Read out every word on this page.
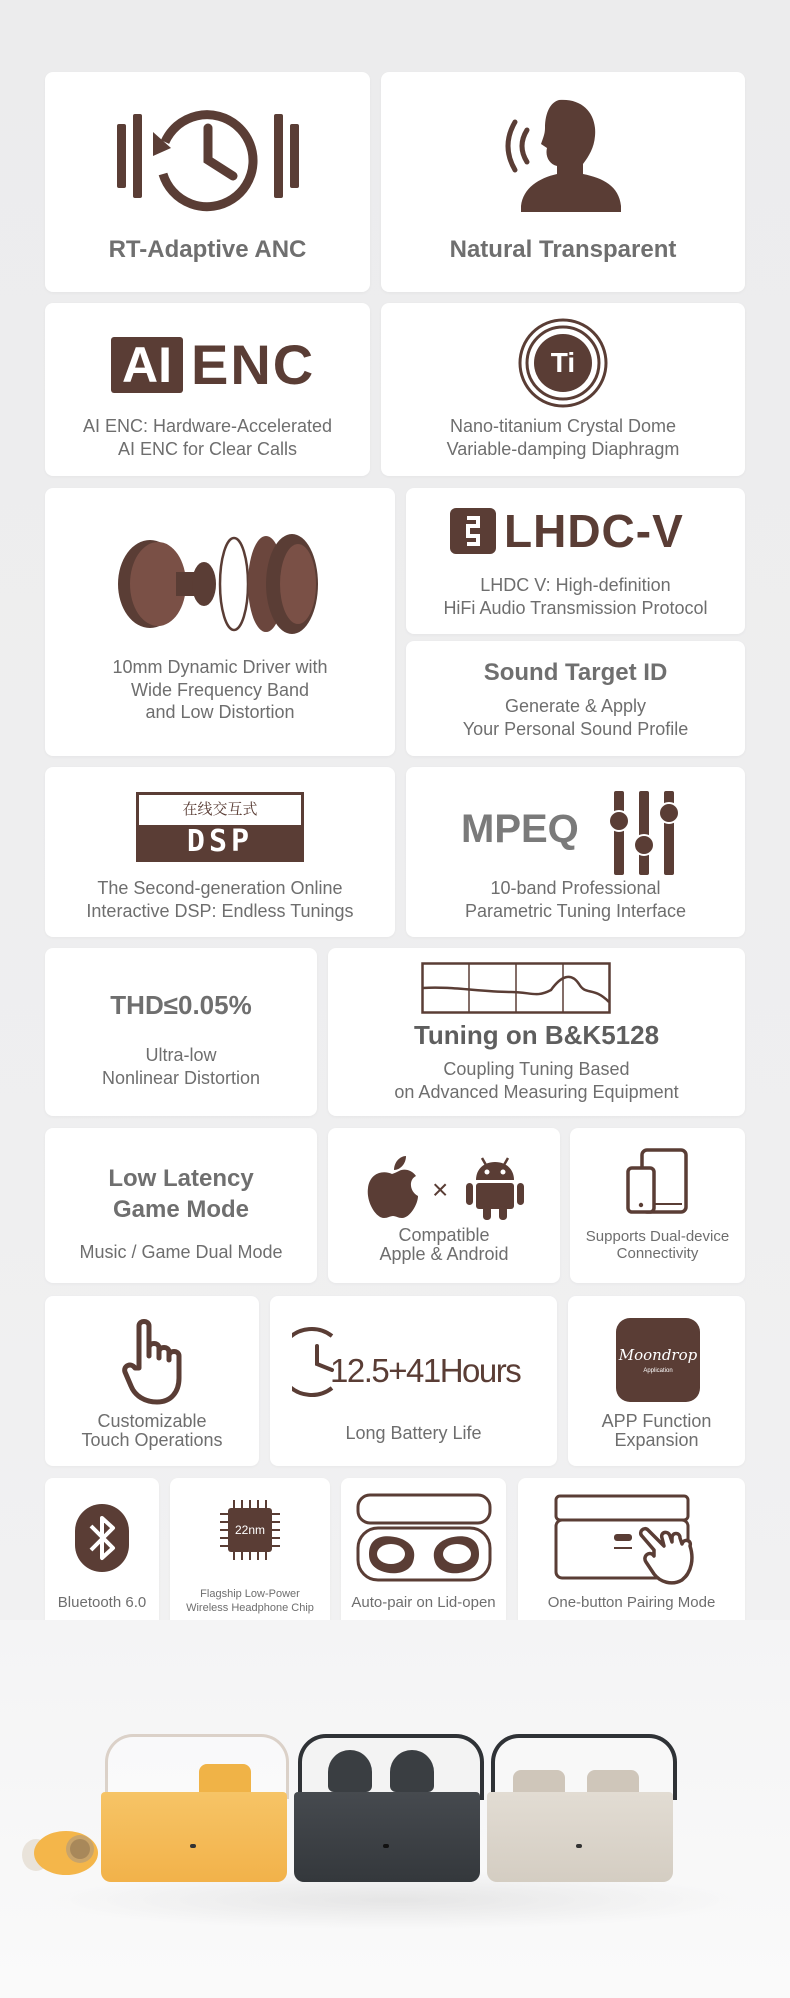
RT-Adaptive ANC	Natural Transparent
AI ENC
AI ENC: Hardware-Accelerated
AI ENC for Clear Calls
Ti
Nano-titanium Crystal Dome
Variable-damping Diaphragm
10mm Dynamic Driver with
Wide Frequency Band
and Low Distortion
LHDC-V
LHDC V: High-definition
HiFi Audio Transmission Protocol
Sound Target ID
Generate & Apply
Your Personal Sound Profile
在线交互式
DSP
The Second-generation Online
Interactive DSP: Endless Tunings
MPEQ
10-band Professional
Parametric Tuning Interface
THD≤0.05%
Ultra-low
Nonlinear Distortion
Tuning on B&K5128
Coupling Tuning Based
on Advanced Measuring Equipment
Low Latency
Game Mode
Music / Game Dual Mode
×
Compatible
Apple & Android
Supports Dual-device
Connectivity
Customizable
Touch Operations
12.5+41Hours
Long Battery Life
Moondrop
Application
APP Function
Expansion
Bluetooth 6.0
22nm
Flagship Low-Power
Wireless Headphone Chip	Auto-pair on Lid-open	One-button Pairing Mode
